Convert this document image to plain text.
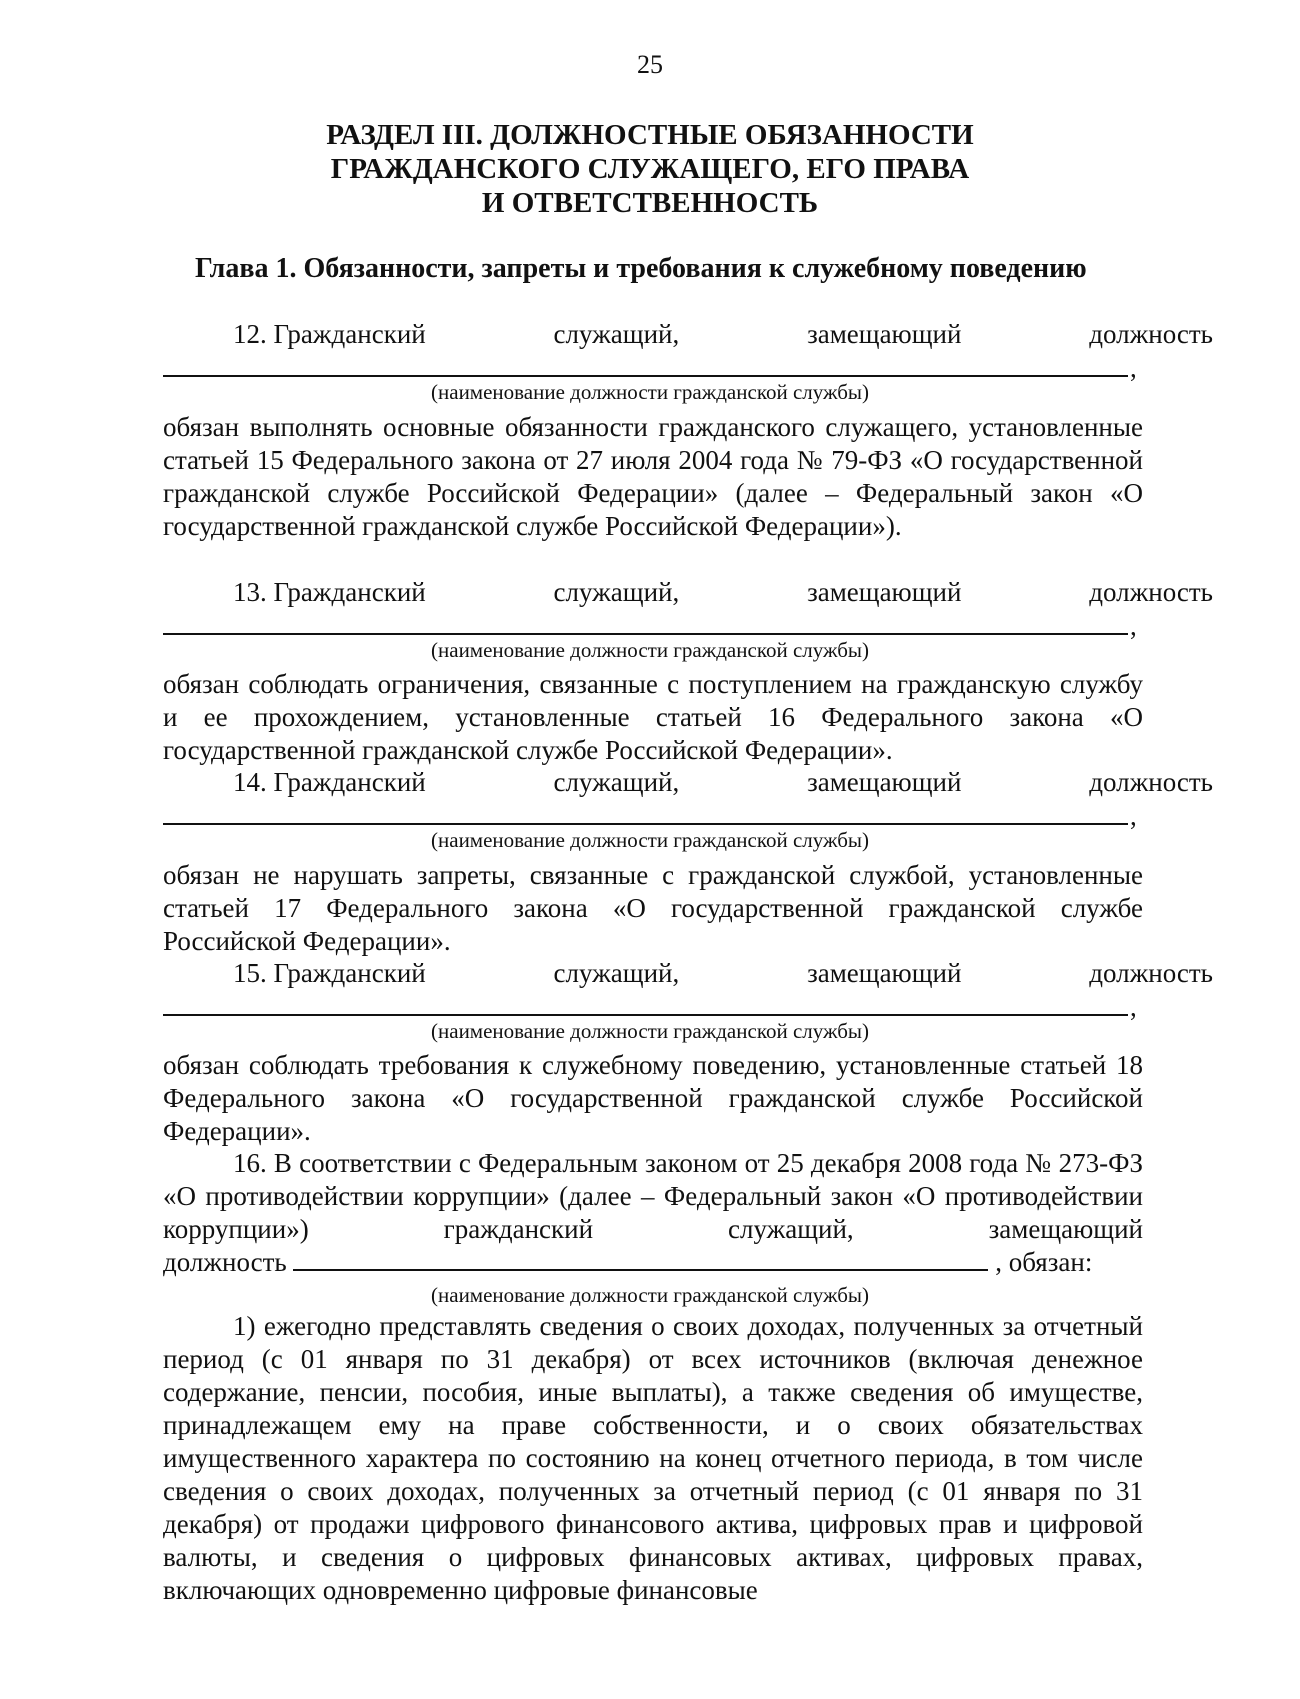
25
РАЗДЕЛ III. ДОЛЖНОСТНЫЕ ОБЯЗАННОСТИ
ГРАЖДАНСКОГО СЛУЖАЩЕГО, ЕГО ПРАВА
И ОТВЕТСТВЕННОСТЬ
Глава 1. Обязанности, запреты и требования к служебному поведению
12. Гражданский	служащий,	замещающий	должность
,
(наименование должности гражданской службы)
обязан выполнять основные обязанности гражданского служащего, установленные статьей 15 Федерального закона от 27 июля 2004 года № 79-ФЗ «О государственной гражданской службе Российской Федерации» (далее – Федеральный закон «О государственной гражданской службе Российской Федерации»).
13. Гражданский	служащий,	замещающий	должность
,
(наименование должности гражданской службы)
обязан соблюдать ограничения, связанные с поступлением на гражданскую службу и ее прохождением, установленные статьей 16 Федерального закона «О государственной гражданской службе Российской Федерации».
14. Гражданский	служащий,	замещающий	должность
,
(наименование должности гражданской службы)
обязан не нарушать запреты, связанные с гражданской службой, установленные статьей 17 Федерального закона «О государственной гражданской службе Российской Федерации».
15. Гражданский	служащий,	замещающий	должность
,
(наименование должности гражданской службы)
обязан соблюдать требования к служебному поведению, установленные статьей 18 Федерального закона «О государственной гражданской службе Российской Федерации».
16. В соответствии с Федеральным законом от 25 декабря 2008 года № 273-ФЗ «О противодействии коррупции» (далее – Федеральный закон «О противодействии коррупции») гражданский служащий, замещающий
должность	, обязан:
(наименование должности гражданской службы)
1) ежегодно представлять сведения о своих доходах, полученных за отчетный период (с 01 января по 31 декабря) от всех источников (включая денежное содержание, пенсии, пособия, иные выплаты), а также сведения об имуществе, принадлежащем ему на праве собственности, и о своих обязательствах имущественного характера по состоянию на конец отчетного периода, в том числе сведения о своих доходах, полученных за отчетный период (с 01 января по 31 декабря) от продажи цифрового финансового актива, цифровых прав и цифровой валюты, и сведения о цифровых финансовых активах, цифровых правах, включающих одновременно цифровые финансовые
